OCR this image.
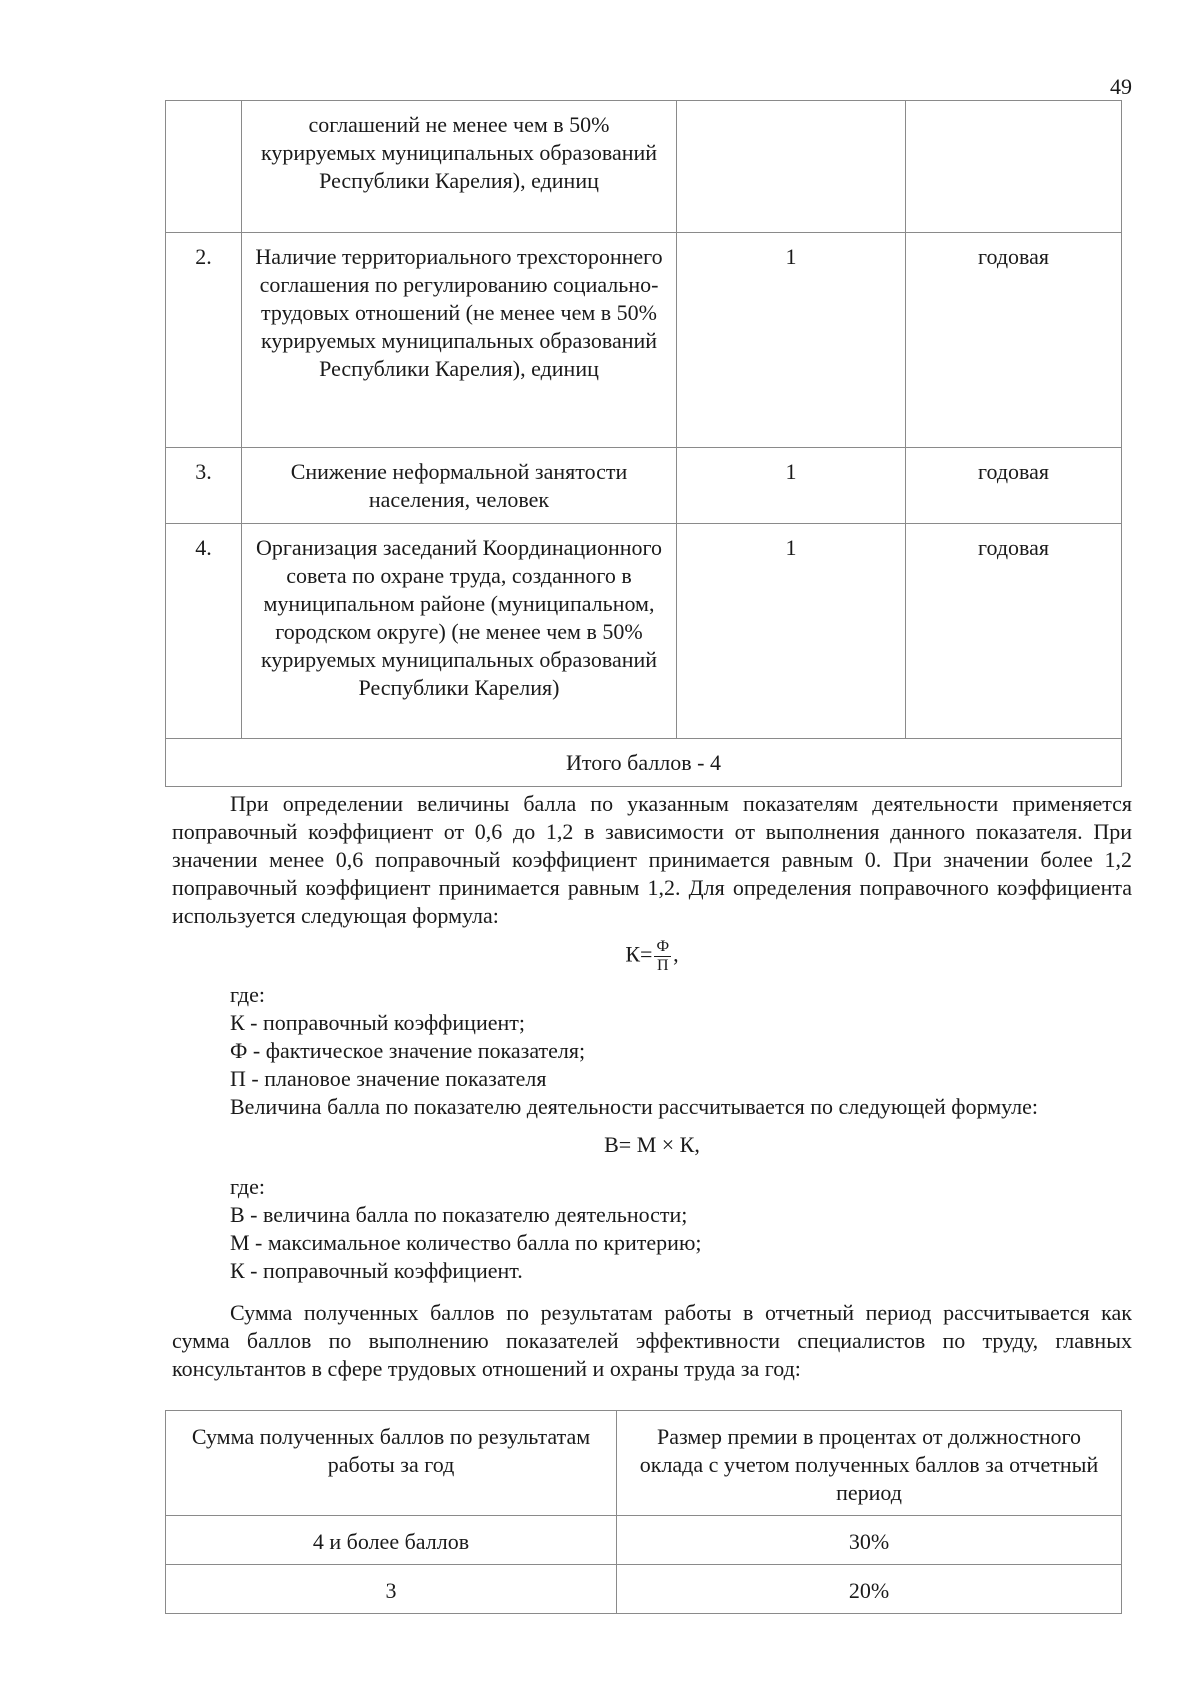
49
	соглашений не менее чем в 50% курируемых муниципальных образований Республики Карелия), единиц		
2.	Наличие территориального трехстороннего соглашения по регулированию социально-трудовых отношений (не менее чем в 50% курируемых муниципальных образований Республики Карелия), единиц	1	годовая
3.	Снижение неформальной занятости населения, человек	1	годовая
4.	Организация заседаний Координационного совета по охране труда, созданного в муниципальном районе (муниципальном, городском округе) (не менее чем в 50% курируемых муниципальных образований Республики Карелия)	1	годовая
Итого баллов - 4			

При определении величины балла по указанным показателям деятельности применяется поправочный коэффициент от 0,6 до 1,2 в зависимости от выполнения данного показателя. При значении менее 0,6 поправочный коэффициент принимается равным 0. При значении более 1,2 поправочный коэффициент принимается равным 1,2. Для определения поправочного коэффициента используется следующая формула:

$К= \frac{Ф}{П}$ ,

где:

К - поправочный коэффициент;

Ф - фактическое значение показателя;

П - плановое значение показателя

Величина балла по показателю деятельности рассчитывается по следующей формуле:

В= М × К,

где:

В - величина балла по показателю деятельности;

М - максимальное количество балла по критерию;

К - поправочный коэффициент.

Сумма полученных баллов по результатам работы в отчетный период рассчитывается как сумма баллов по выполнению показателей эффективности специалистов по труду, главных консультантов в сфере трудовых отношений и охраны труда за год:

Сумма полученных баллов по результатам работы за год	Размер премии в процентах от должностного оклада с учетом полученных баллов за отчетный период
4 и более баллов	30%
3	20%
